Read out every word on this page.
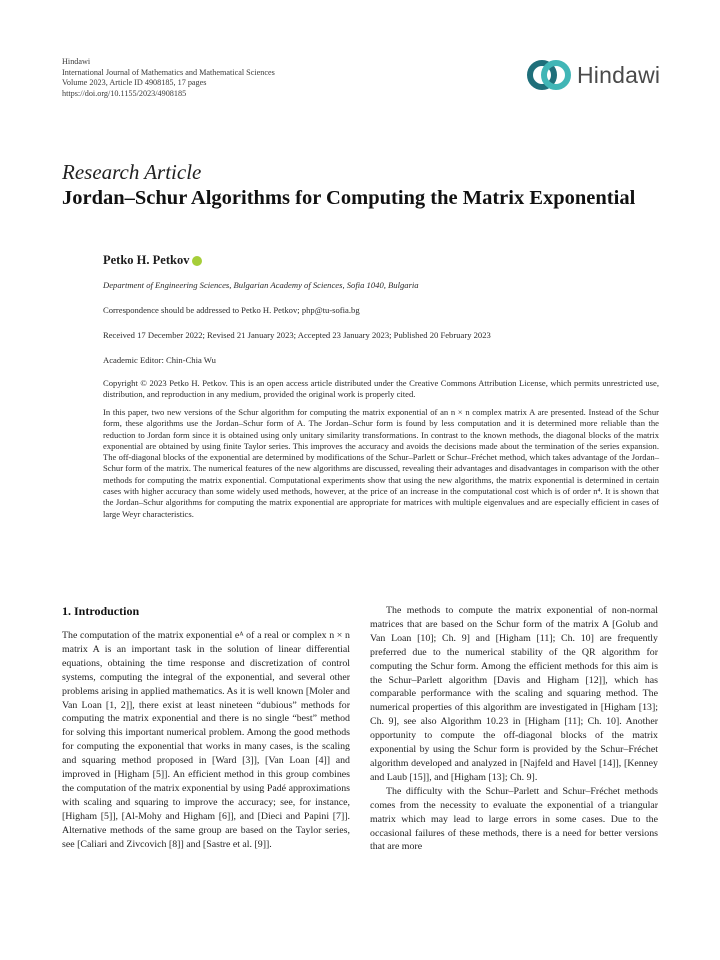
Hindawi
International Journal of Mathematics and Mathematical Sciences
Volume 2023, Article ID 4908185, 17 pages
https://doi.org/10.1155/2023/4908185
Hindawi
Research Article
Jordan–Schur Algorithms for Computing the Matrix Exponential
Petko H. Petkov
Department of Engineering Sciences, Bulgarian Academy of Sciences, Sofia 1040, Bulgaria
Correspondence should be addressed to Petko H. Petkov; php@tu-sofia.bg
Received 17 December 2022; Revised 21 January 2023; Accepted 23 January 2023; Published 20 February 2023
Academic Editor: Chin-Chia Wu
Copyright © 2023 Petko H. Petkov. This is an open access article distributed under the Creative Commons Attribution License, which permits unrestricted use, distribution, and reproduction in any medium, provided the original work is properly cited.
In this paper, two new versions of the Schur algorithm for computing the matrix exponential of an n × n complex matrix A are presented. Instead of the Schur form, these algorithms use the Jordan–Schur form of A. The Jordan–Schur form is found by less computation and it is determined more reliable than the reduction to Jordan form since it is obtained using only unitary similarity transformations. In contrast to the known methods, the diagonal blocks of the matrix exponential are obtained by using finite Taylor series. This improves the accuracy and avoids the decisions made about the termination of the series expansion. The off-diagonal blocks of the exponential are determined by modifications of the Schur–Parlett or Schur–Fréchet method, which takes advantage of the Jordan–Schur form of the matrix. The numerical features of the new algorithms are discussed, revealing their advantages and disadvantages in comparison with the other methods for computing the matrix exponential. Computational experiments show that using the new algorithms, the matrix exponential is determined in certain cases with higher accuracy than some widely used methods, however, at the price of an increase in the computational cost which is of order n⁴. It is shown that the Jordan–Schur algorithms for computing the matrix exponential are appropriate for matrices with multiple eigenvalues and are especially efficient in cases of large Weyr characteristics.
1. Introduction

The computation of the matrix exponential eᴬ of a real or complex n × n matrix A is an important task in the solution of linear differential equations, obtaining the time response and discretization of control systems, computing the integral of the exponential, and several other problems arising in applied mathematics. As it is well known [Moler and Van Loan [1, 2]], there exist at least nineteen “dubious” methods for computing the matrix exponential and there is no single “best” method for solving this important numerical problem. Among the good methods for computing the exponential that works in many cases, is the scaling and squaring method proposed in [Ward [3]], [Van Loan [4]] and improved in [Higham [5]]. An efficient method in this group combines the computation of the matrix exponential by using Padé approximations with scaling and squaring to improve the accuracy; see, for instance, [Higham [5]], [Al-Mohy and Higham [6]], and [Dieci and Papini [7]]. Alternative methods of the same group are based on the Taylor series, see [Caliari and Zivcovich [8]] and [Sastre et al. [9]].

The methods to compute the matrix exponential of non-normal matrices that are based on the Schur form of the matrix A [Golub and Van Loan [10]; Ch. 9] and [Higham [11]; Ch. 10] are frequently preferred due to the numerical stability of the QR algorithm for computing the Schur form. Among the efficient methods for this aim is the Schur–Parlett algorithm [Davis and Higham [12]], which has comparable performance with the scaling and squaring method. The numerical properties of this algorithm are investigated in [Higham [13]; Ch. 9], see also Algorithm 10.23 in [Higham [11]; Ch. 10]. Another opportunity to compute the off-diagonal blocks of the matrix exponential by using the Schur form is provided by the Schur–Fréchet algorithm developed and analyzed in [Najfeld and Havel [14]], [Kenney and Laub [15]], and [Higham [13]; Ch. 9].

The difficulty with the Schur–Parlett and Schur–Fréchet methods comes from the necessity to evaluate the exponential of a triangular matrix which may lead to large errors in some cases. Due to the occasional failures of these methods, there is a need for better versions that are more
